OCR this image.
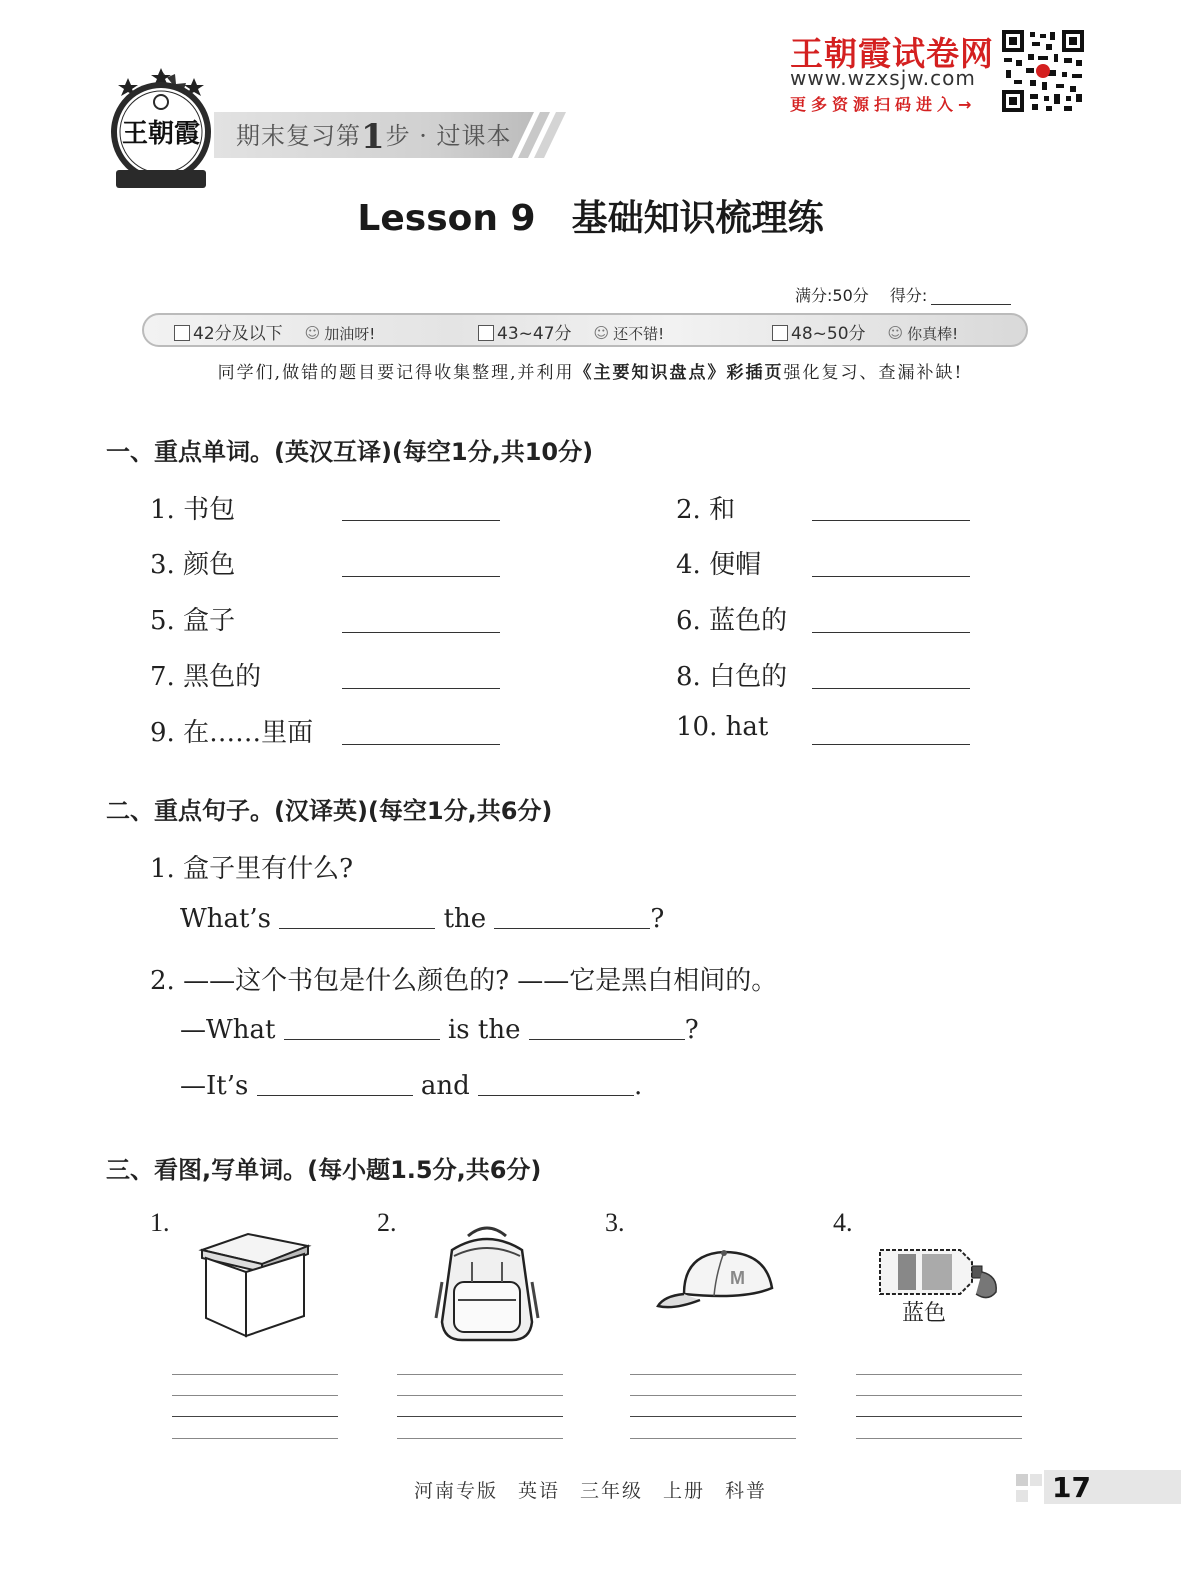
王朝霞 期末复习第1步 · 过课本
王朝霞试卷网
www.wzxsjw.com
更多资源扫码进入→
Lesson 9　基础知识梳理练
满分:50分 得分:
42分及以下 ☺ 加油呀!	43~47分 ☺ 还不错!	48~50分 ☺ 你真棒!
同学们,做错的题目要记得收集整理,并利用《主要知识盘点》彩插页强化复习、查漏补缺!
一、重点单词。(英汉互译)(每空1分,共10分)
1. 书包	2. 和
3. 颜色	4. 便帽
5. 盒子	6. 蓝色的
7. 黑色的	8. 白色的
9. 在……里面	10. hat
二、重点句子。(汉译英)(每空1分,共6分)
1. 盒子里有什么?
What’s	the	?
2. ——这个书包是什么颜色的? ——它是黑白相间的。
—What	is the	?
—It’s	and	.
三、看图,写单词。(每小题1.5分,共6分)
1.	2.	3.	4.
M
蓝色
河南专版 英语 三年级 上册 科普	17
